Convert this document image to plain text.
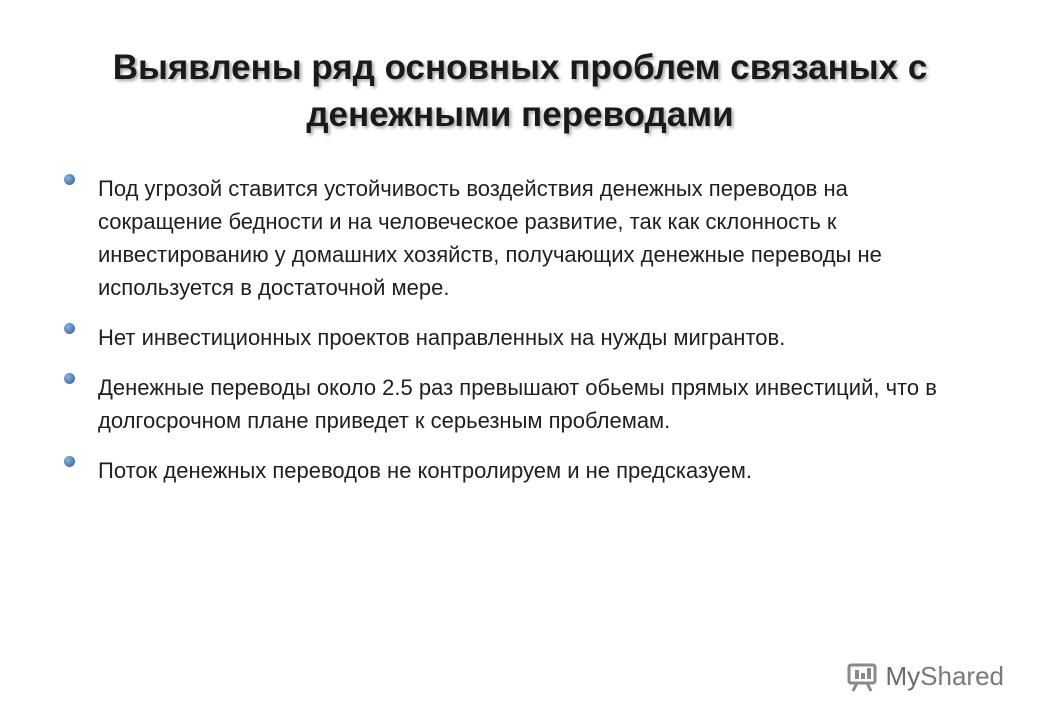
Выявлены ряд основных проблем связаных с
денежными переводами
Под угрозой ставится устойчивость воздействия денежных переводов на сокращение бедности и на человеческое развитие, так как склонность к инвестированию у домашних хозяйств, получающих денежные переводы не используется в достаточной мере.
Нет инвестиционных проектов направленных на нужды мигрантов.
Денежные переводы около 2.5 раз превышают обьемы прямых инвестиций, что в долгосрочном плане приведет к серьезным проблемам.
Поток денежных переводов не контролируем и не предсказуем.
MyShared
